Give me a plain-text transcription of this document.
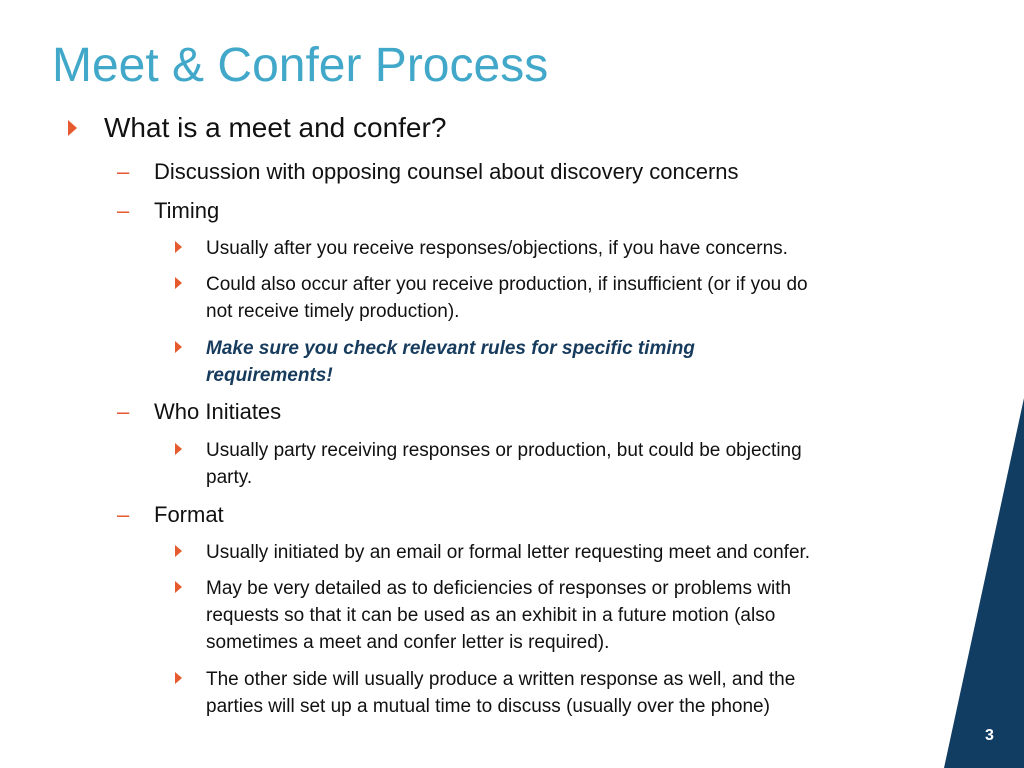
Meet & Confer Process
What is a meet and confer?
– Discussion with opposing counsel about discovery concerns
– Timing
Usually after you receive responses/objections, if you have concerns.
Could also occur after you receive production, if insufficient (or if you do
not receive timely production).
Make sure you check relevant rules for specific timing
requirements!
– Who Initiates
Usually party receiving responses or production, but could be objecting
party.
– Format
Usually initiated by an email or formal letter requesting meet and confer.
May be very detailed as to deficiencies of responses or problems with
requests so that it can be used as an exhibit in a future motion (also
sometimes a meet and confer letter is required).
The other side will usually produce a written response as well, and the
parties will set up a mutual time to discuss (usually over the phone)
3
